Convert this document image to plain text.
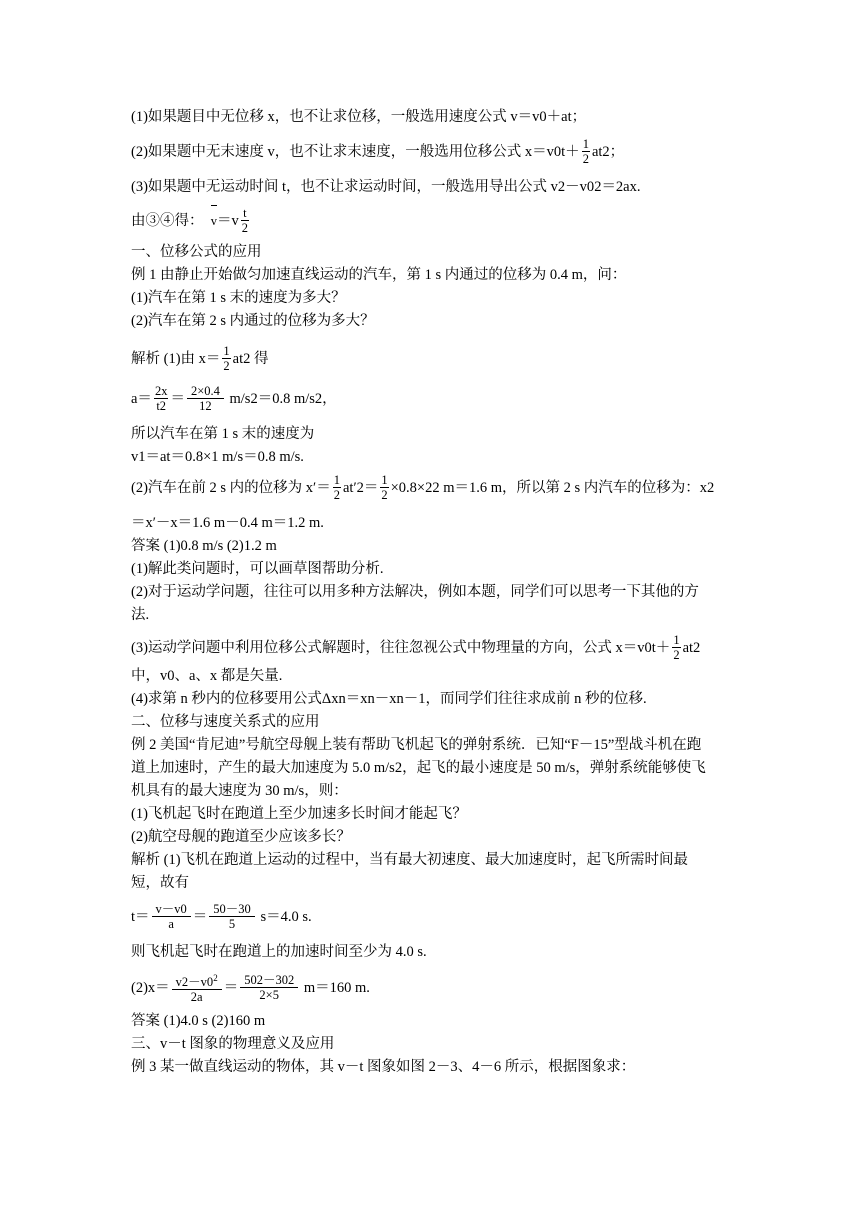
(1)如果题目中无位移 x，也不让求位移，一般选用速度公式 v＝v0＋at；
(2)如果题中无末速度 v，也不让求末速度，一般选用位移公式 $x=v0t+ \frac{1}{2} at2$；
(3)如果题中无运动时间 t，也不让求运动时间，一般选用导出公式 v2－v02＝2ax.
由③④得： $v=v \frac{t}{2}$
一、位移公式的应用
例 1 由静止开始做匀加速直线运动的汽车，第 1 s 内通过的位移为 0.4 m，问：
(1)汽车在第 1 s 末的速度为多大？
(2)汽车在第 2 s 内通过的位移为多大？
解析 (1)由 $x= \frac{1}{2} at2$ 得
$a= \frac{2x}{t2} = \frac{2\times 0.4}{12} m/s2=0.8$ m/s2，
所以汽车在第 1 s 末的速度为
v1＝at＝0.8×1 m/s＝0.8 m/s.
(2)汽车在前 2 s 内的位移为 $x'= \frac{1}{2} at'2= \frac{1}{2} \times 0.8\times 22$ m＝1.6 m，所以第 2 s 内汽车的位移为：x2
＝x′－x＝1.6 m－0.4 m＝1.2 m.
答案 (1)0.8 m/s (2)1.2 m
(1)解此类问题时，可以画草图帮助分析.
(2)对于运动学问题，往往可以用多种方法解决，例如本题，同学们可以思考一下其他的方
法.
(3)运动学问题中利用位移公式解题时，往往忽视公式中物理量的方向，公式 $x=v0t+ \frac{1}{2} at2$
中，v0、a、x 都是矢量.
(4)求第 n 秒内的位移要用公式Δxn＝xn－xn－1，而同学们往往求成前 n 秒的位移.
二、位移与速度关系式的应用
例 2 美国“肯尼迪”号航空母舰上装有帮助飞机起飞的弹射系统．已知“F－15”型战斗机在跑
道上加速时，产生的最大加速度为 5.0 m/s2，起飞的最小速度是 50 m/s，弹射系统能够使飞
机具有的最大速度为 30 m/s，则：
(1)飞机起飞时在跑道上至少加速多长时间才能起飞？
(2)航空母舰的跑道至少应该多长？
解析 (1)飞机在跑道上运动的过程中，当有最大初速度、最大加速度时，起飞所需时间最
短，故有
$t= \frac{v-v0}{a} = \frac{50-30}{5} s=4.0$ s.
则飞机起飞时在跑道上的加速时间至少为 4.0 s.
$(2)x= \frac{v2-v0^2}{2a} = \frac{502-302}{2\times 5} m=160$ m.
答案 (1)4.0 s (2)160 m
三、v－t 图象的物理意义及应用
例 3 某一做直线运动的物体，其 v－t 图象如图 2－3、4－6 所示，根据图象求：
